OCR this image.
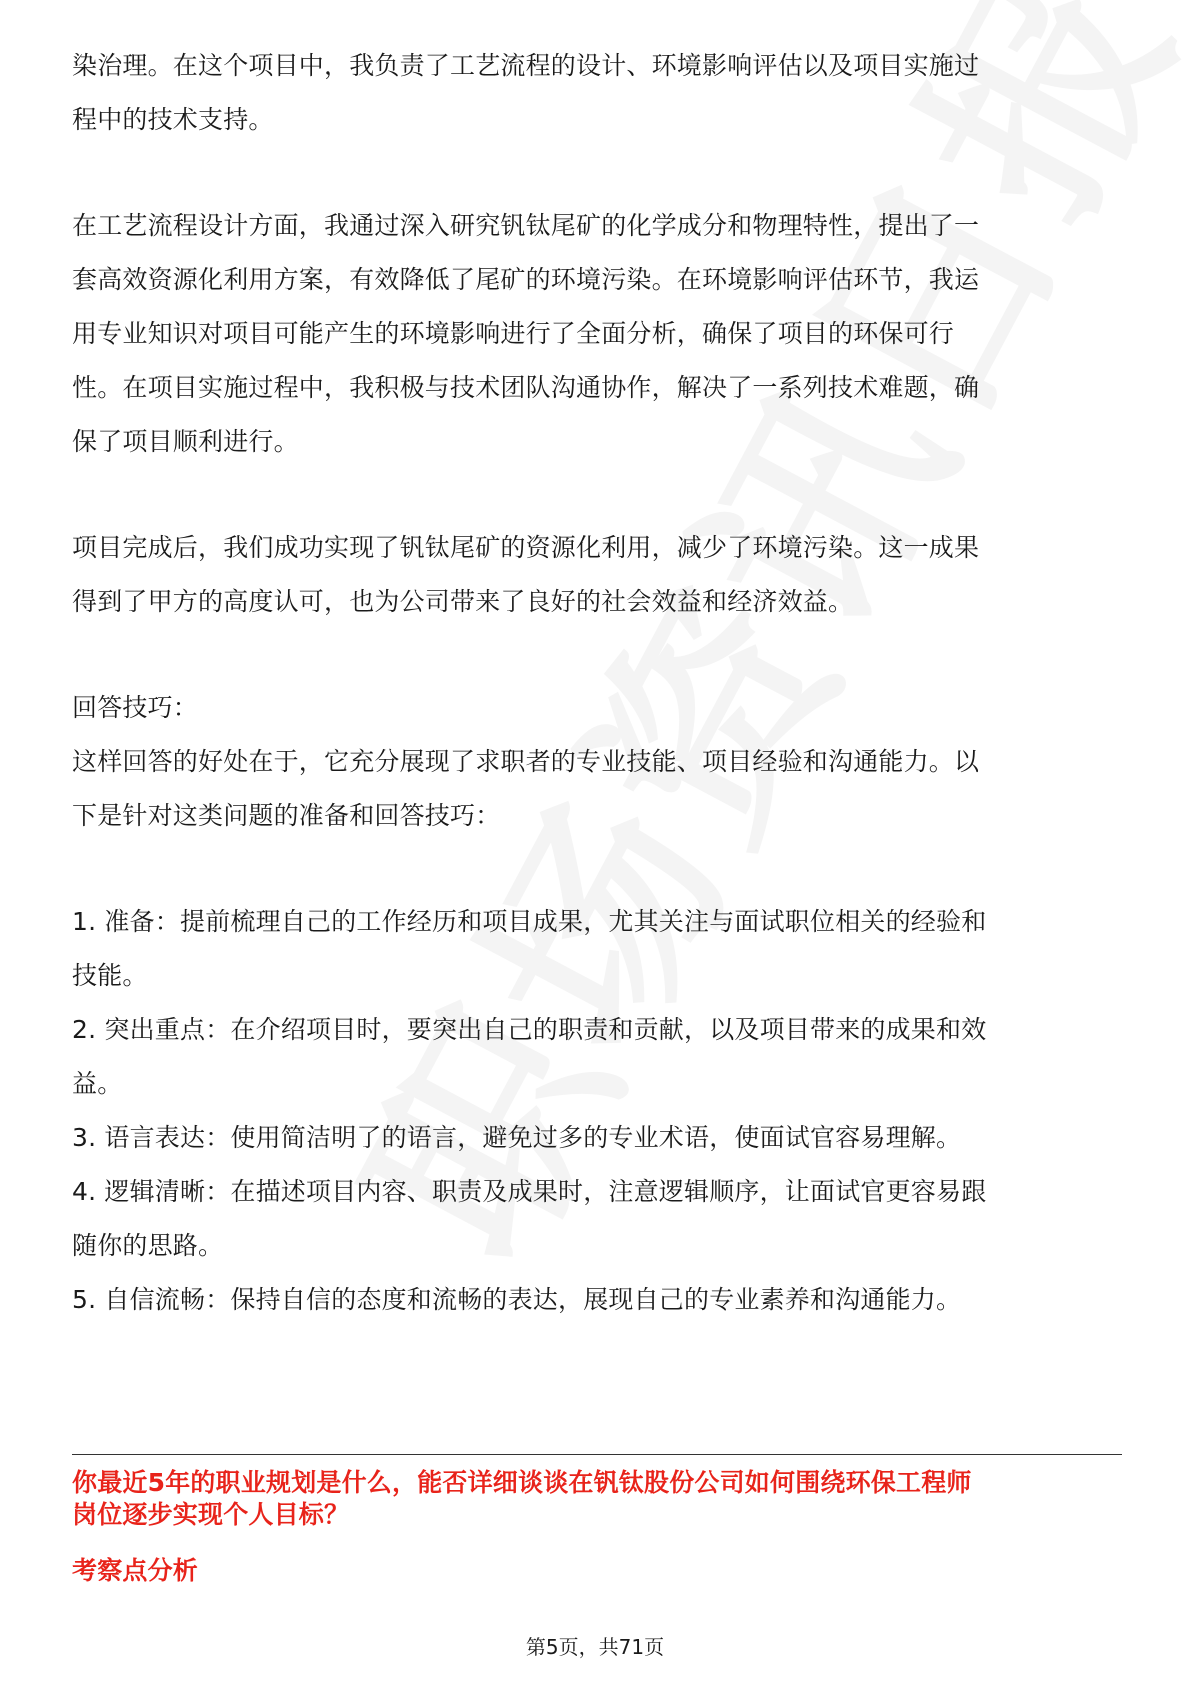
染治理。在这个项目中，我负责了工艺流程的设计、环境影响评估以及项目实施过
程中的技术支持。
在工艺流程设计方面，我通过深入研究钒钛尾矿的化学成分和物理特性，提出了一
套高效资源化利用方案，有效降低了尾矿的环境污染。在环境影响评估环节，我运
用专业知识对项目可能产生的环境影响进行了全面分析，确保了项目的环保可行
性。在项目实施过程中，我积极与技术团队沟通协作，解决了一系列技术难题，确
保了项目顺利进行。
项目完成后，我们成功实现了钒钛尾矿的资源化利用，减少了环境污染。这一成果
得到了甲方的高度认可，也为公司带来了良好的社会效益和经济效益。
回答技巧：
这样回答的好处在于，它充分展现了求职者的专业技能、项目经验和沟通能力。以
下是针对这类问题的准备和回答技巧：
1. 准备：提前梳理自己的工作经历和项目成果，尤其关注与面试职位相关的经验和
技能。
2. 突出重点：在介绍项目时，要突出自己的职责和贡献，以及项目带来的成果和效
益。
3. 语言表达：使用简洁明了的语言，避免过多的专业术语，使面试官容易理解。
4. 逻辑清晰：在描述项目内容、职责及成果时，注意逻辑顺序，让面试官更容易跟
随你的思路。
5. 自信流畅：保持自信的态度和流畅的表达，展现自己的专业素养和沟通能力。
你最近5年的职业规划是什么，能否详细谈谈在钒钛股份公司如何围绕环保工程师
岗位逐步实现个人目标？
考察点分析
第5页，共71页
